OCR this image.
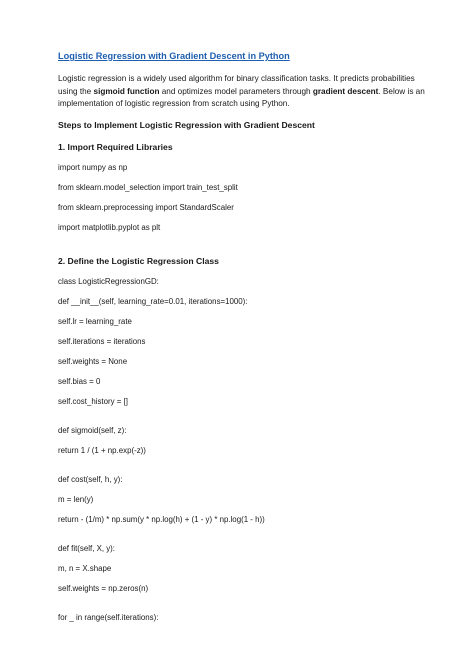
Logistic Regression with Gradient Descent in Python

Logistic regression is a widely used algorithm for binary classification tasks. It predicts probabilities using the sigmoid function and optimizes model parameters through gradient descent. Below is an implementation of logistic regression from scratch using Python.

Steps to Implement Logistic Regression with Gradient Descent
1. Import Required Libraries
import numpy as np
from sklearn.model_selection import train_test_split
from sklearn.preprocessing import StandardScaler
import matplotlib.pyplot as plt
2. Define the Logistic Regression Class
class LogisticRegressionGD:
def __init__(self, learning_rate=0.01, iterations=1000):
self.lr = learning_rate
self.iterations = iterations
self.weights = None
self.bias = 0
self.cost_history = []
def sigmoid(self, z):
return 1 / (1 + np.exp(-z))
def cost(self, h, y):
m = len(y)
return - (1/m) * np.sum(y * np.log(h) + (1 - y) * np.log(1 - h))
def fit(self, X, y):
m, n = X.shape
self.weights = np.zeros(n)
for _ in range(self.iterations):
